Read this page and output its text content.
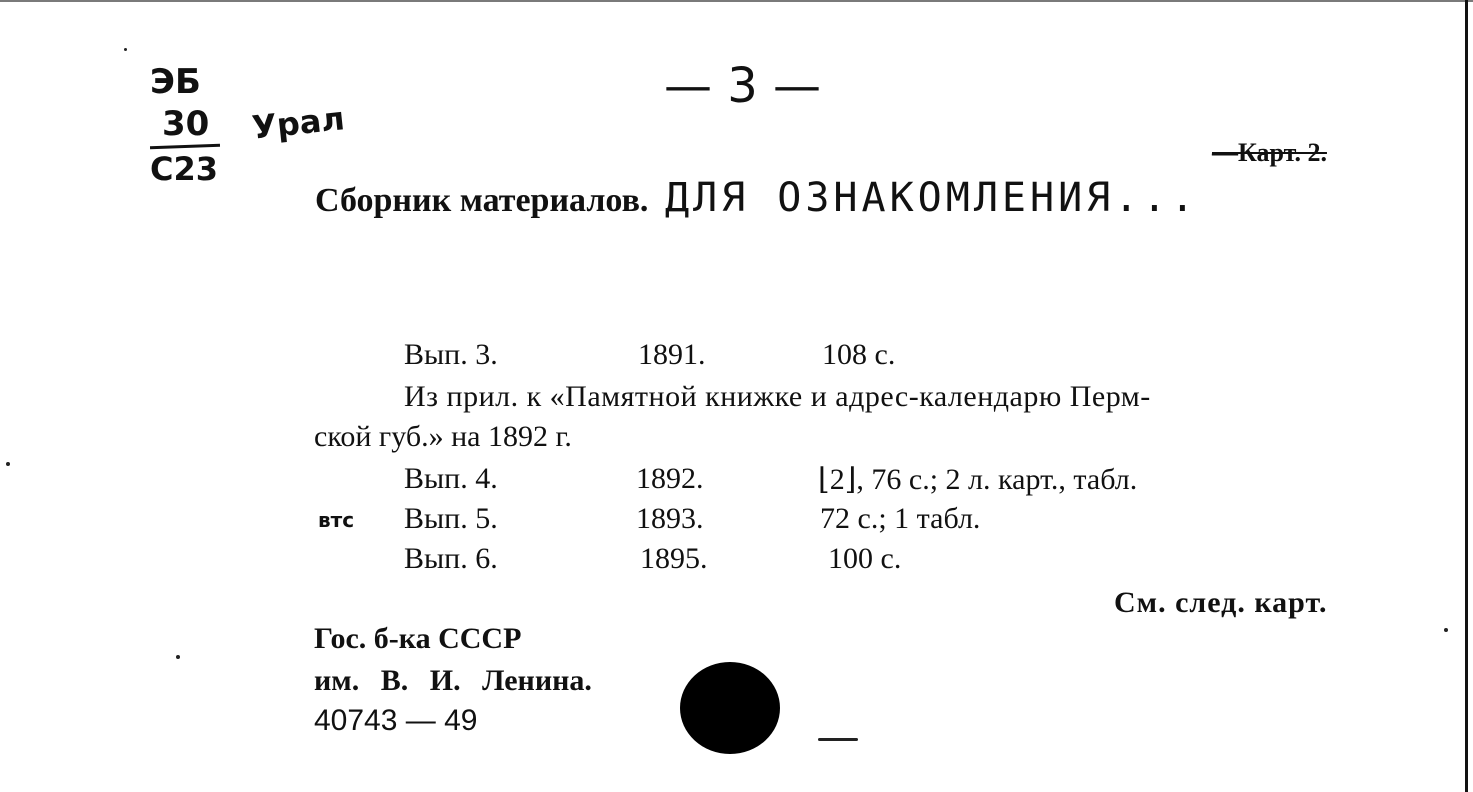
ЭБ
30
С23
Урал
— 3 —
—Карт. 2.
Сборник материалов. ДЛЯ ОЗНАКОМЛЕНИЯ...
Вып. 3.	1891.	108 с.
Из прил. к «Памятной книжке и адрес-календарю Перм-
ской губ.» на 1892 г.
Вып. 4.	1892.	⌊2⌋, 76 с.; 2 л. карт., табл.
втс Вып. 5.	1893.	72 с.; 1 табл.
Вып. 6.	1895.	100 с.
См. след. карт.
Гос. б-ка СССР
им. В. И. Ленина.
40743 — 49
